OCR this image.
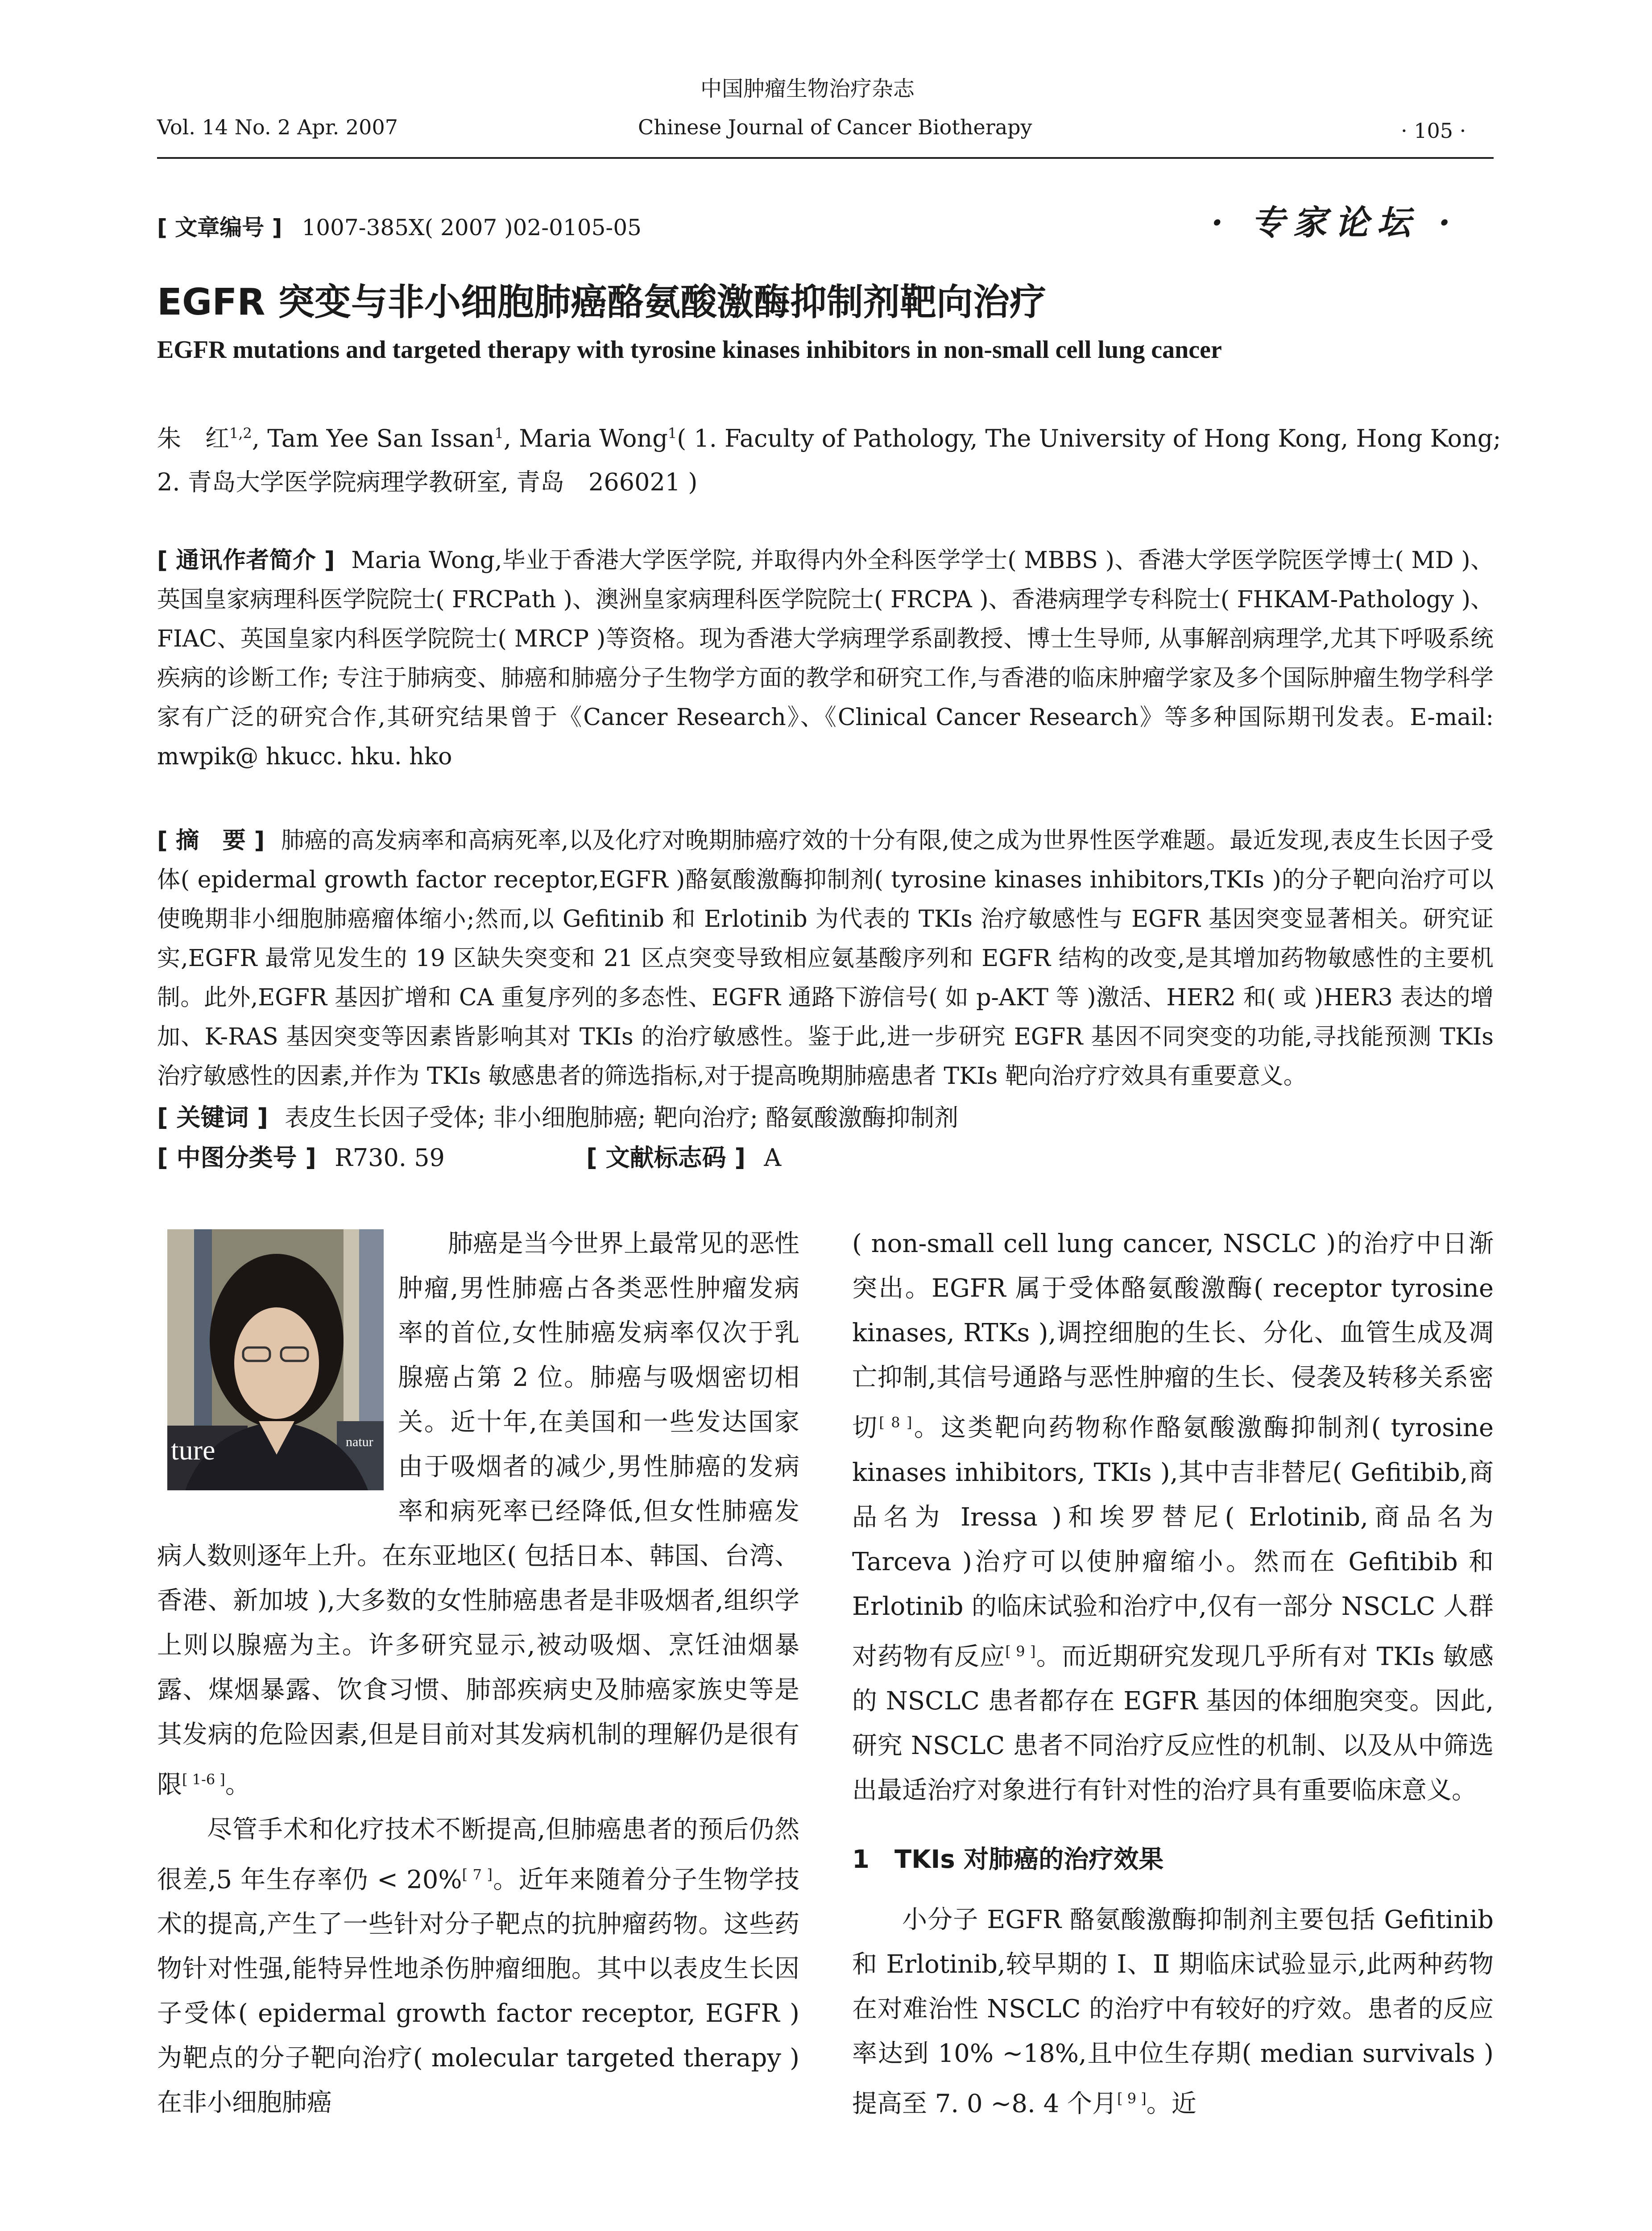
中国肿瘤生物治疗杂志
Vol. 14 No. 2 Apr. 2007	Chinese Journal of Cancer Biotherapy	· 105 ·
[ 文章编号 ] 1007-385X( 2007 )02-0105-05	· 专家论坛 ·
EGFR 突变与非小细胞肺癌酪氨酸激酶抑制剂靶向治疗
EGFR mutations and targeted therapy with tyrosine kinases inhibitors in non-small cell lung cancer
朱　红$^{1,2}$, Tam Yee San Issan$^1$, Maria Wong$^1$( 1. Faculty of Pathology, The University of Hong Kong, Hong Kong;
2. 青岛大学医学院病理学教研室, 青岛　266021 )

[ 通讯作者简介 ] Maria Wong,毕业于香港大学医学院, 并取得内外全科医学学士( MBBS )、香港大学医学院医学博士( MD )、英国皇家病理科医学院院士( FRCPath )、澳洲皇家病理科医学院院士( FRCPA )、香港病理学专科院士( FHKAM-Pathology )、FIAC、英国皇家内科医学院院士( MRCP )等资格。现为香港大学病理学系副教授、博士生导师, 从事解剖病理学,尤其下呼吸系统疾病的诊断工作; 专注于肺病变、肺癌和肺癌分子生物学方面的教学和研究工作,与香港的临床肿瘤学家及多个国际肿瘤生物学科学家有广泛的研究合作,其研究结果曾于《Cancer Research》、《Clinical Cancer Research》等多种国际期刊发表。E-mail: mwpik@ hkucc. hku. hko

[ 摘　要 ] 肺癌的高发病率和高病死率,以及化疗对晚期肺癌疗效的十分有限,使之成为世界性医学难题。最近发现,表皮生长因子受体( epidermal growth factor receptor,EGFR )酪氨酸激酶抑制剂( tyrosine kinases inhibitors,TKIs )的分子靶向治疗可以使晚期非小细胞肺癌瘤体缩小;然而,以 Gefitinib 和 Erlotinib 为代表的 TKIs 治疗敏感性与 EGFR 基因突变显著相关。研究证实,EGFR 最常见发生的 19 区缺失突变和 21 区点突变导致相应氨基酸序列和 EGFR 结构的改变,是其增加药物敏感性的主要机制。此外,EGFR 基因扩增和 CA 重复序列的多态性、EGFR 通路下游信号( 如 p-AKT 等 )激活、HER2 和( 或 )HER3 表达的增加、K-RAS 基因突变等因素皆影响其对 TKIs 的治疗敏感性。鉴于此,进一步研究 EGFR 基因不同突变的功能,寻找能预测 TKIs 治疗敏感性的因素,并作为 TKIs 敏感患者的筛选指标,对于提高晚期肺癌患者 TKIs 靶向治疗疗效具有重要意义。

[ 关键词 ] 表皮生长因子受体; 非小细胞肺癌; 靶向治疗; 酪氨酸激酶抑制剂
[ 中图分类号 ] R730. 59	[ 文献标志码 ] A
ture	natur

肺癌是当今世界上最常见的恶性肿瘤,男性肺癌占各类恶性肿瘤发病率的首位,女性肺癌发病率仅次于乳腺癌占第 2 位。肺癌与吸烟密切相关。近十年,在美国和一些发达国家由于吸烟者的减少,男性肺癌的发病率和病死率已经降低,但女性肺癌发病人数则逐年上升。在东亚地区( 包括日本、韩国、台湾、香港、新加坡 ),大多数的女性肺癌患者是非吸烟者,组织学上则以腺癌为主。许多研究显示,被动吸烟、烹饪油烟暴露、煤烟暴露、饮食习惯、肺部疾病史及肺癌家族史等是其发病的危险因素,但是目前对其发病机制的理解仍是很有限[ 1-6 ]。

尽管手术和化疗技术不断提高,但肺癌患者的预后仍然很差,5 年生存率仍 < 20%[ 7 ]。近年来随着分子生物学技术的提高,产生了一些针对分子靶点的抗肿瘤药物。这些药物针对性强,能特异性地杀伤肿瘤细胞。其中以表皮生长因子受体( epidermal growth factor receptor, EGFR )为靶点的分子靶向治疗( molecular targeted therapy )在非小细胞肺癌

( non-small cell lung cancer, NSCLC )的治疗中日渐突出。EGFR 属于受体酪氨酸激酶( receptor tyrosine kinases, RTKs ),调控细胞的生长、分化、血管生成及凋亡抑制,其信号通路与恶性肿瘤的生长、侵袭及转移关系密切[ 8 ]。这类靶向药物称作酪氨酸激酶抑制剂( tyrosine kinases inhibitors, TKIs ),其中吉非替尼( Gefitibib,商品名为 Iressa )和埃罗替尼( Erlotinib,商品名为 Tarceva )治疗可以使肿瘤缩小。然而在 Gefitibib 和 Erlotinib 的临床试验和治疗中,仅有一部分 NSCLC 人群对药物有反应[ 9 ]。而近期研究发现几乎所有对 TKIs 敏感的 NSCLC 患者都存在 EGFR 基因的体细胞突变。因此,研究 NSCLC 患者不同治疗反应性的机制、以及从中筛选出最适治疗对象进行有针对性的治疗具有重要临床意义。

1　TKIs 对肺癌的治疗效果

小分子 EGFR 酪氨酸激酶抑制剂主要包括 Gefitinib 和 Erlotinib,较早期的 Ⅰ、Ⅱ 期临床试验显示,此两种药物在对难治性 NSCLC 的治疗中有较好的疗效。患者的反应率达到 10% ~18%,且中位生存期( median survivals )提高至 7. 0 ~8. 4 个月[ 9 ]。近
